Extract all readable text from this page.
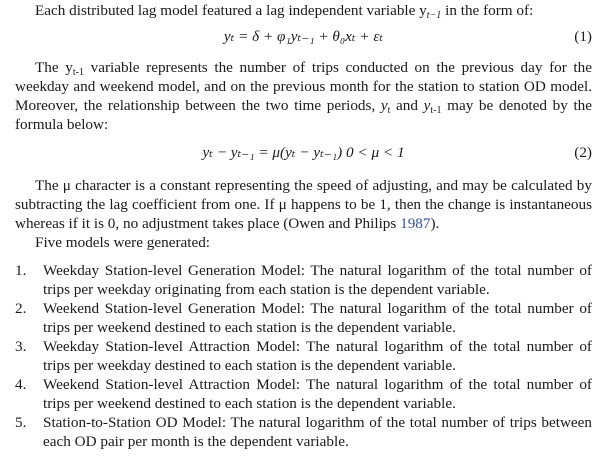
Each distributed lag model featured a lag independent variable $y_{t-1}$ in the form of:

yₜ = δ + φ₁yₜ₋₁ + θ₀xₜ + εₜ	(1)

The $y_{t-1}$ variable represents the number of trips conducted on the previous day for the weekday and weekend model, and on the previous month for the station to station OD model. Moreover, the relationship between the two time periods, $y_t$ and $y_{t-1}$ may be denoted by the formula below:

yₜ − yₜ₋₁ = μ(yₜ − yₜ₋₁) 0 < μ < 1	(2)

The μ character is a constant representing the speed of adjusting, and may be calculated by subtracting the lag coefficient from one. If μ happens to be 1, then the change is instantaneous whereas if it is 0, no adjustment takes place (Owen and Philips 1987).

Five models were generated:

1. Weekday Station-level Generation Model: The natural logarithm of the total number of trips per weekday originating from each station is the dependent variable.
2. Weekend Station-level Generation Model: The natural logarithm of the total number of trips per weekend destined to each station is the dependent variable.
3. Weekday Station-level Attraction Model: The natural logarithm of the total number of trips per weekday destined to each station is the dependent variable.
4. Weekend Station-level Attraction Model: The natural logarithm of the total number of trips per weekend destined to each station is the dependent variable.
5. Station-to-Station OD Model: The natural logarithm of the total number of trips between each OD pair per month is the dependent variable.
